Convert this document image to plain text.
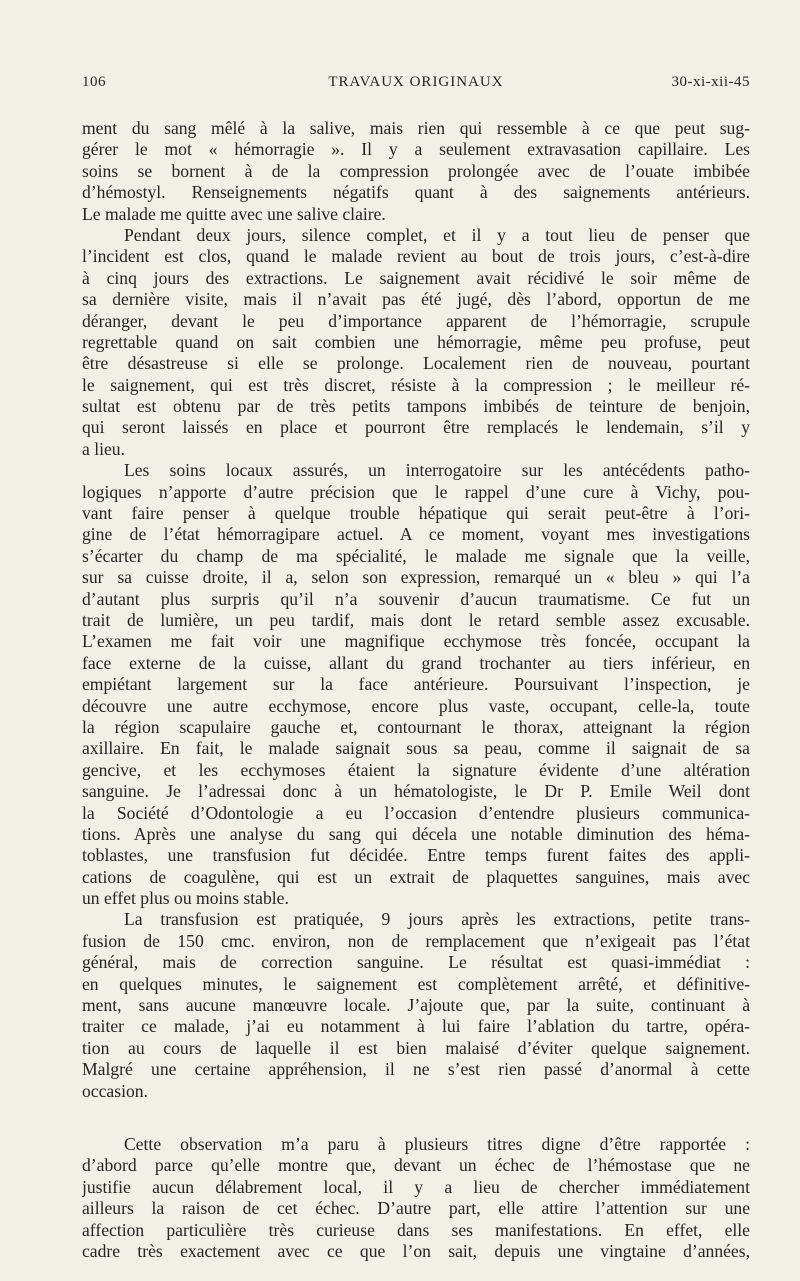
106	TRAVAUX ORIGINAUX	30-xi-xii-45
ment du sang mêlé à la salive, mais rien qui ressemble à ce que peut sug-
gérer le mot « hémorragie ». Il y a seulement extravasation capillaire. Les
soins se bornent à de la compression prolongée avec de l’ouate imbibée
d’hémostyl. Renseignements négatifs quant à des saignements antérieurs.
Le malade me quitte avec une salive claire.
Pendant deux jours, silence complet, et il y a tout lieu de penser que
l’incident est clos, quand le malade revient au bout de trois jours, c’est-à-dire
à cinq jours des extractions. Le saignement avait récidivé le soir même de
sa dernière visite, mais il n’avait pas été jugé, dès l’abord, opportun de me
déranger, devant le peu d’importance apparent de l’hémorragie, scrupule
regrettable quand on sait combien une hémorragie, même peu profuse, peut
être désastreuse si elle se prolonge. Localement rien de nouveau, pourtant
le saignement, qui est très discret, résiste à la compression ; le meilleur ré-
sultat est obtenu par de très petits tampons imbibés de teinture de benjoin,
qui seront laissés en place et pourront être remplacés le lendemain, s’il y
a lieu.
Les soins locaux assurés, un interrogatoire sur les antécédents patho-
logiques n’apporte d’autre précision que le rappel d’une cure à Vichy, pou-
vant faire penser à quelque trouble hépatique qui serait peut-être à l’ori-
gine de l’état hémorragipare actuel. A ce moment, voyant mes investigations
s’écarter du champ de ma spécialité, le malade me signale que la veille,
sur sa cuisse droite, il a, selon son expression, remarqué un « bleu » qui l’a
d’autant plus surpris qu’il n’a souvenir d’aucun traumatisme. Ce fut un
trait de lumière, un peu tardif, mais dont le retard semble assez excusable.
L’examen me fait voir une magnifique ecchymose très foncée, occupant la
face externe de la cuisse, allant du grand trochanter au tiers inférieur, en
empiétant largement sur la face antérieure. Poursuivant l’inspection, je
découvre une autre ecchymose, encore plus vaste, occupant, celle-la, toute
la région scapulaire gauche et, contournant le thorax, atteignant la région
axillaire. En fait, le malade saignait sous sa peau, comme il saignait de sa
gencive, et les ecchymoses étaient la signature évidente d’une altération
sanguine. Je l’adressai donc à un hématologiste, le Dr P. Emile Weil dont
la Société d’Odontologie a eu l’occasion d’entendre plusieurs communica-
tions. Après une analyse du sang qui décela une notable diminution des héma-
toblastes, une transfusion fut décidée. Entre temps furent faites des appli-
cations de coagulène, qui est un extrait de plaquettes sanguines, mais avec
un effet plus ou moins stable.
La transfusion est pratiquée, 9 jours après les extractions, petite trans-
fusion de 150 cmc. environ, non de remplacement que n’exigeait pas l’état
général, mais de correction sanguine. Le résultat est quasi-immédiat :
en quelques minutes, le saignement est complètement arrêté, et définitive-
ment, sans aucune manœuvre locale. J’ajoute que, par la suite, continuant à
traiter ce malade, j’ai eu notamment à lui faire l’ablation du tartre, opéra-
tion au cours de laquelle il est bien malaisé d’éviter quelque saignement.
Malgré une certaine appréhension, il ne s’est rien passé d’anormal à cette
occasion.
Cette observation m’a paru à plusieurs titres digne d’être rapportée :
d’abord parce qu’elle montre que, devant un échec de l’hémostase que ne
justifie aucun délabrement local, il y a lieu de chercher immédiatement
ailleurs la raison de cet échec. D’autre part, elle attire l’attention sur une
affection particulière très curieuse dans ses manifestations. En effet, elle
cadre très exactement avec ce que l’on sait, depuis une vingtaine d’années,
